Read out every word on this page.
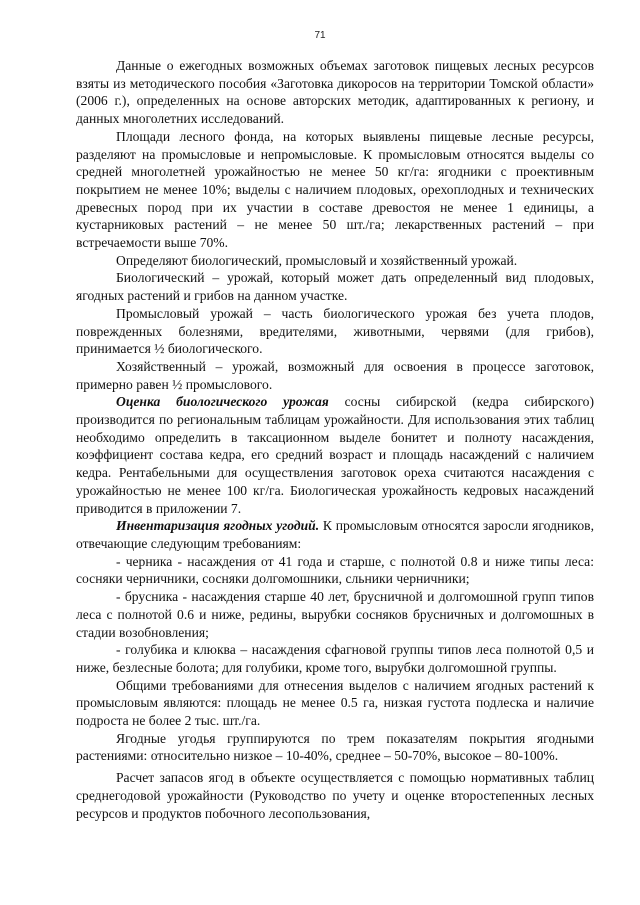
71

Данные о ежегодных возможных объемах заготовок пищевых лесных ресурсов взяты из методического пособия «Заготовка дикоросов на территории Томской области» (2006 г.), определенных на основе авторских методик, адаптированных к региону, и данных многолетних исследований.

Площади лесного фонда, на которых выявлены пищевые лесные ресурсы, разделяют на промысловые и непромысловые. К промысловым относятся выделы со средней многолетней урожайностью не менее 50 кг/га: ягодники с проективным покрытием не менее 10%; выделы с наличием плодовых, орехоплодных и технических древесных пород при их участии в составе древостоя не менее 1 единицы, а кустарниковых растений – не менее 50 шт./га; лекарственных растений – при встречаемости выше 70%.

Определяют биологический, промысловый и хозяйственный урожай.

Биологический – урожай, который может дать определенный вид плодовых, ягодных растений и грибов на данном участке.

Промысловый урожай – часть биологического урожая без учета плодов, поврежденных болезнями, вредителями, животными, червями (для грибов), принимается ½ биологического.

Хозяйственный – урожай, возможный для освоения в процессе заготовок, примерно равен ½ промыслового.

Оценка биологического урожая сосны сибирской (кедра сибирского) производится по региональным таблицам урожайности. Для использования этих таблиц необходимо определить в таксационном выделе бонитет и полноту насаждения, коэффициент состава кедра, его средний возраст и площадь насаждений с наличием кедра. Рентабельными для осуществления заготовок ореха считаются насаждения с урожайностью не менее 100 кг/га. Биологическая урожайность кедровых насаждений приводится в приложении 7.

Инвентаризация ягодных угодий. К промысловым относятся заросли ягодников, отвечающие следующим требованиям:

- черника - насаждения от 41 года и старше, с полнотой 0.8 и ниже типы леса: сосняки черничники, сосняки долгомошники, сльники черничники;

- брусника - насаждения старше 40 лет, брусничной и долгомошной групп типов леса с полнотой 0.6 и ниже, редины, вырубки сосняков брусничных и долгомошных в стадии возобновления;

- голубика и клюква – насаждения сфагновой группы типов леса полнотой 0,5 и ниже, безлесные болота; для голубики, кроме того, вырубки долгомошной группы.

Общими требованиями для отнесения выделов с наличием ягодных растений к промысловым являются: площадь не менее 0.5 га, низкая густота подлеска и наличие подроста не более 2 тыс. шт./га.

Ягодные угодья группируются по трем показателям покрытия ягодными растениями: относительно низкое – 10-40%, среднее – 50-70%, высокое – 80-100%.

Расчет запасов ягод в объекте осуществляется с помощью нормативных таблиц среднегодовой урожайности (Руководство по учету и оценке второстепенных лесных ресурсов и продуктов побочного лесопользования,
